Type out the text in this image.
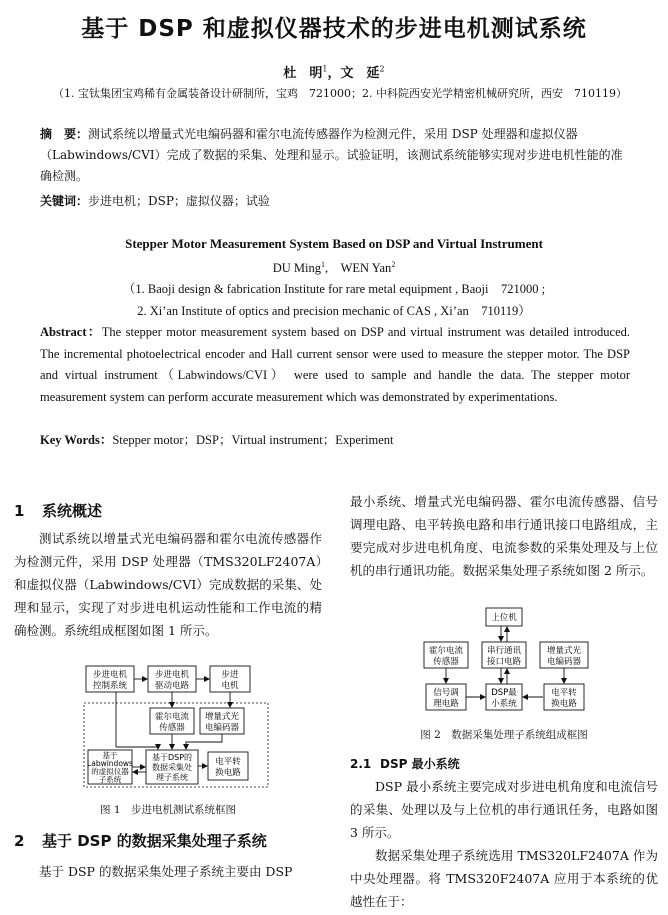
基于 DSP 和虚拟仪器技术的步进电机测试系统
杜　明$^1$，文　延$^2$
（1. 宝钛集团宝鸡稀有金属装备设计研制所，宝鸡　721000；2. 中科院西安光学精密机械研究所，西安　710119）
摘　要：测试系统以增量式光电编码器和霍尔电流传感器作为检测元件，采用 DSP 处理器和虚拟仪器（Labwindows/CVI）完成了数据的采集、处理和显示。试验证明，该测试系统能够实现对步进电机性能的准确检测。
关键词：步进电机；DSP；虚拟仪器；试验
Stepper Motor Measurement System Based on DSP and Virtual Instrument
DU Ming$^1$,　WEN Yan$^2$
（1. Baoji design & fabrication Institute for rare metal equipment , Baoji　721000 ;
2. Xi’an Institute of optics and precision mechanic of CAS , Xi’an　710119）
Abstract：The stepper motor measurement system based on DSP and virtual instrument was detailed introduced. The incremental photoelectrical encoder and Hall current sensor were used to measure the stepper motor. The DSP and virtual instrument（Labwindows/CVI） were used to sample and handle the data. The stepper motor measurement system can perform accurate measurement which was demonstrated by experimentations.
Key Words：Stepper motor；DSP；Virtual instrument；Experiment
1 系统概述

测试系统以增量式光电编码器和霍尔电流传感器作为检测元件，采用 DSP 处理器（TMS320LF2407A）和虚拟仪器（Labwindows/CVI）完成数据的采集、处理和显示，实现了对步进电机运动性能和工作电流的精确检测。系统组成框图如图 1 所示。

步进电机
控制系统
步进电机
驱动电路
步进
电机
霍尔电流
传感器
增量式光
电编码器
基于
Labwindows
的虚拟仪器
子系统
基于DSP的
数据采集处
理子系统
电平转
换电路
图 1　步进电机测试系统框图
2 基于 DSP 的数据采集处理子系统

基于 DSP 的数据采集处理子系统主要由 DSP

最小系统、增量式光电编码器、霍尔电流传感器、信号调理电路、电平转换电路和串行通讯接口电路组成，主要完成对步进电机角度、电流参数的采集处理及与上位机的串行通讯功能。数据采集处理子系统如图 2 所示。

上位机
霍尔电流
传感器
串行通讯
接口电路
增量式光
电编码器
信号调
理电路
DSP最
小系统
电平转
换电路
图 2　数据采集处理子系统组成框图
2.1 DSP 最小系统

DSP 最小系统主要完成对步进电机角度和电流信号的采集、处理以及与上位机的串行通讯任务，电路如图 3 所示。

数据采集处理子系统选用 TMS320LF2407A 作为中央处理器。将 TMS320F2407A 应用于本系统的优越性在于：
